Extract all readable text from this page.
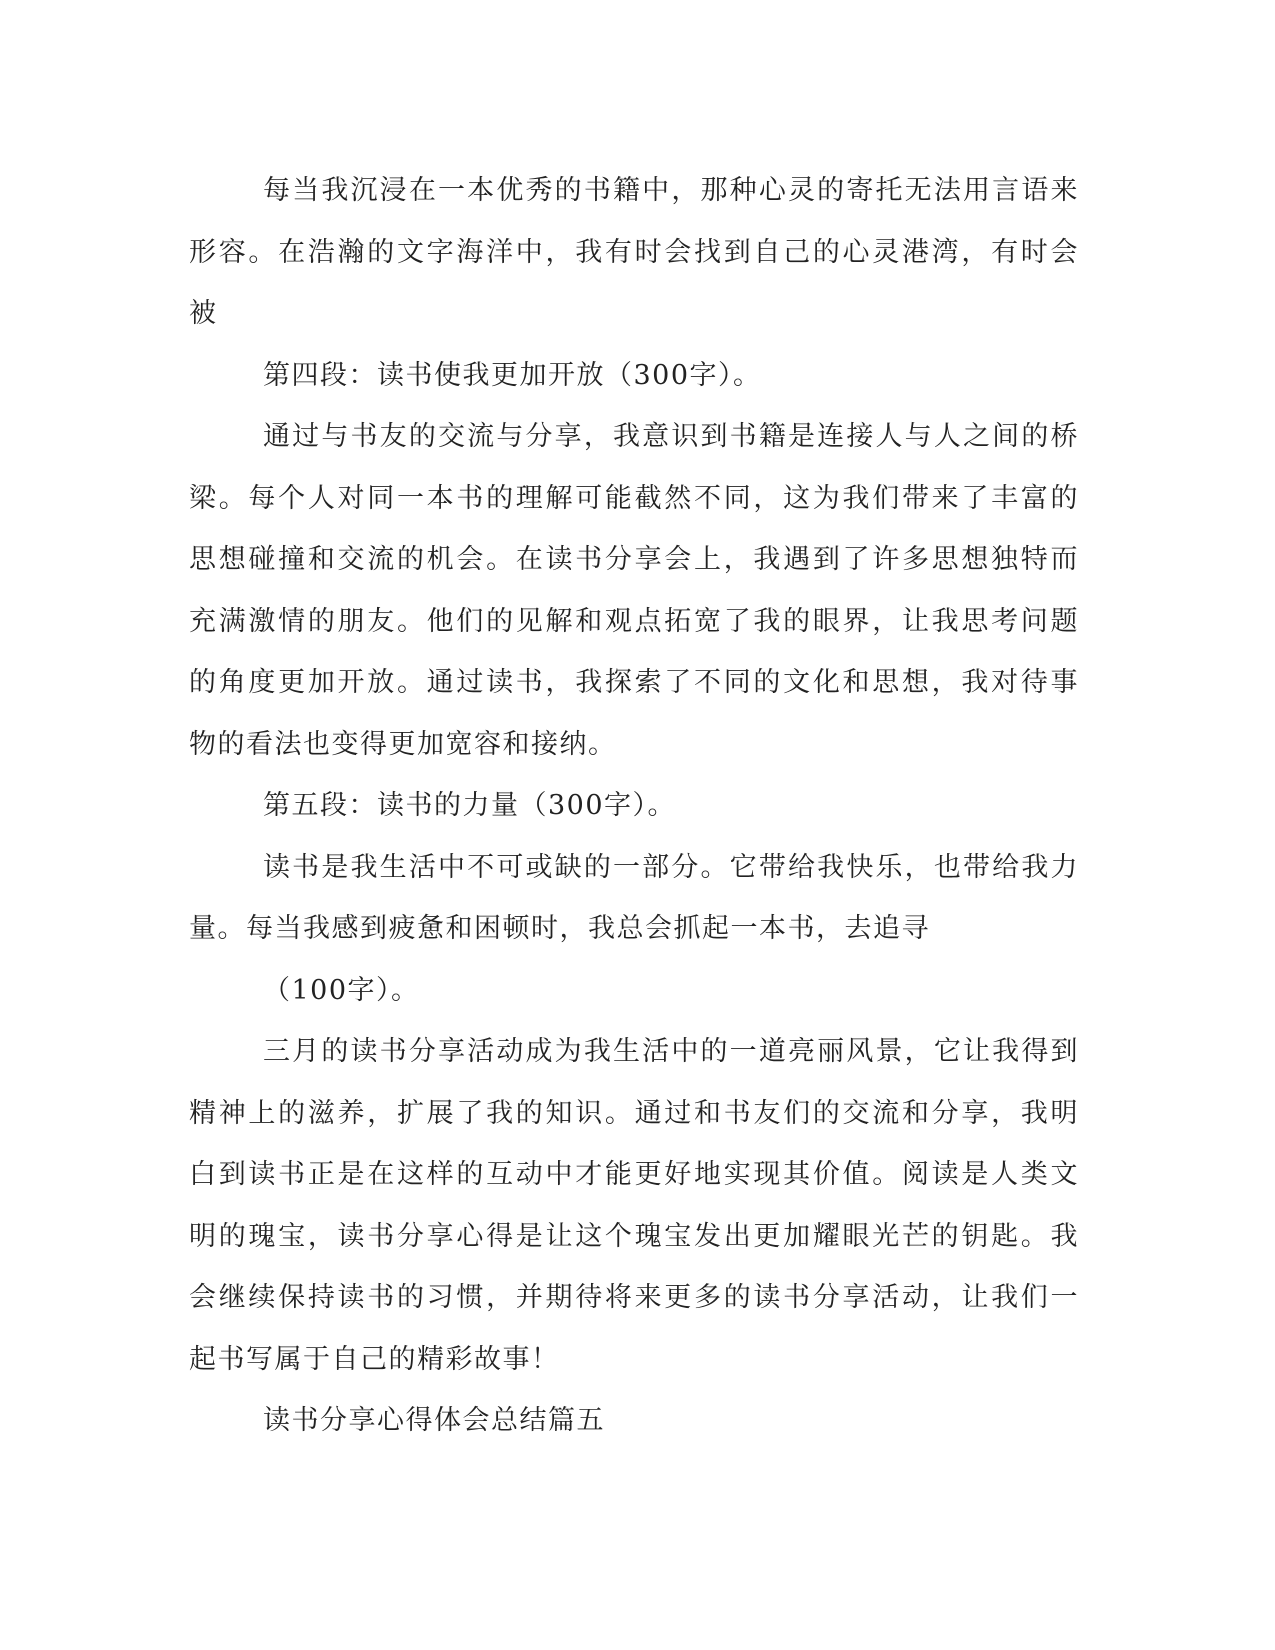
每当我沉浸在一本优秀的书籍中，那种心灵的寄托无法用言语来
形容。在浩瀚的文字海洋中，我有时会找到自己的心灵港湾，有时会
被
第四段：读书使我更加开放（300字）。
通过与书友的交流与分享，我意识到书籍是连接人与人之间的桥
梁。每个人对同一本书的理解可能截然不同，这为我们带来了丰富的
思想碰撞和交流的机会。在读书分享会上，我遇到了许多思想独特而
充满激情的朋友。他们的见解和观点拓宽了我的眼界，让我思考问题
的角度更加开放。通过读书，我探索了不同的文化和思想，我对待事
物的看法也变得更加宽容和接纳。
第五段：读书的力量（300字）。
读书是我生活中不可或缺的一部分。它带给我快乐，也带给我力
量。每当我感到疲惫和困顿时，我总会抓起一本书，去追寻
（100字）。
三月的读书分享活动成为我生活中的一道亮丽风景，它让我得到
精神上的滋养，扩展了我的知识。通过和书友们的交流和分享，我明
白到读书正是在这样的互动中才能更好地实现其价值。阅读是人类文
明的瑰宝，读书分享心得是让这个瑰宝发出更加耀眼光芒的钥匙。我
会继续保持读书的习惯，并期待将来更多的读书分享活动，让我们一
起书写属于自己的精彩故事！
读书分享心得体会总结篇五
